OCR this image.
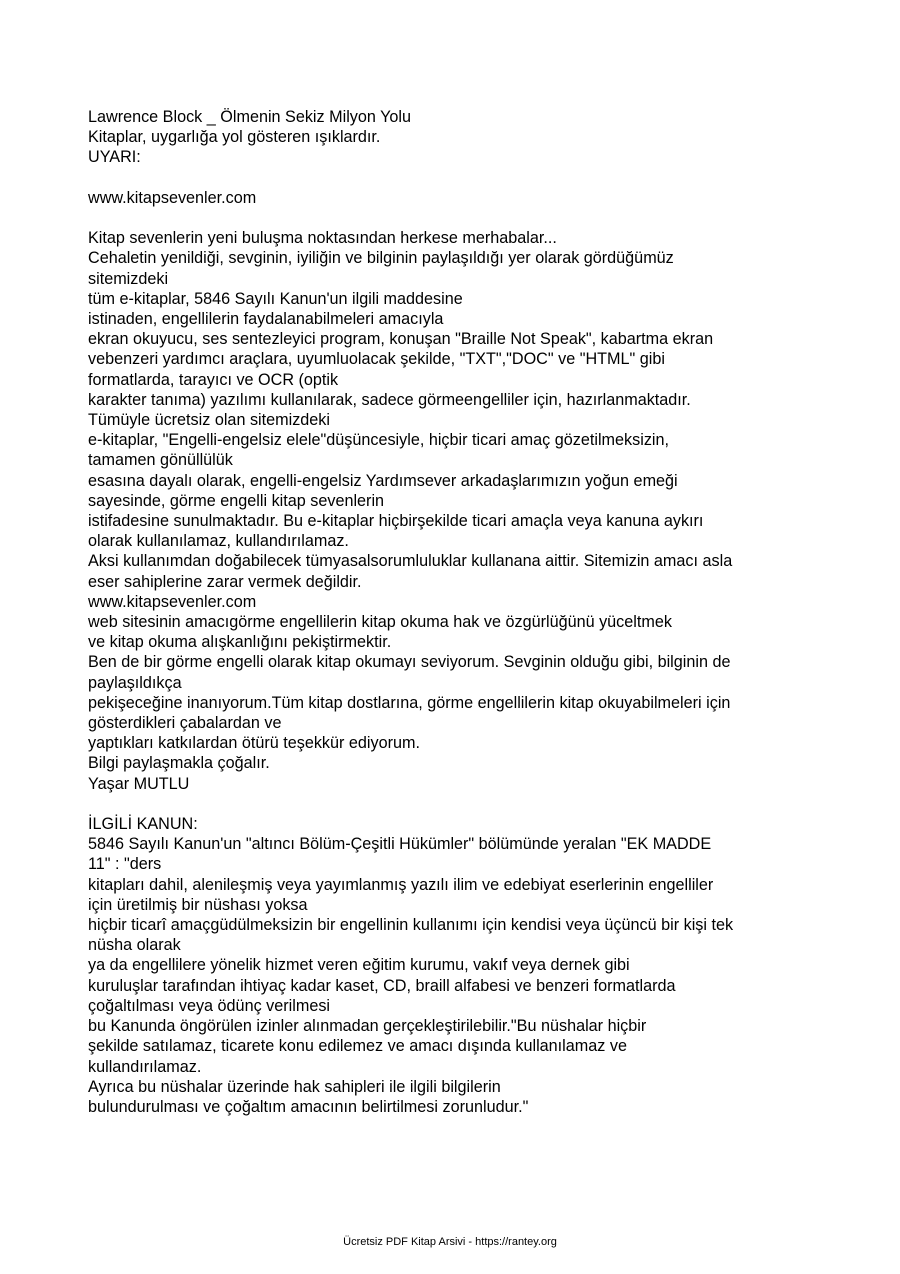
Lawrence Block _ Ölmenin Sekiz Milyon Yolu
Kitaplar, uygarlığa yol gösteren ışıklardır.
UYARI:
www.kitapsevenler.com
Kitap sevenlerin yeni buluşma noktasından herkese merhabalar...
Cehaletin yenildiği, sevginin, iyiliğin ve bilginin paylaşıldığı yer olarak gördüğümüz
sitemizdeki
tüm e-kitaplar, 5846 Sayılı Kanun'un ilgili maddesine
istinaden, engellilerin faydalanabilmeleri amacıyla
ekran okuyucu, ses sentezleyici program, konuşan "Braille Not Speak", kabartma ekran
vebenzeri yardımcı araçlara, uyumluolacak şekilde, "TXT","DOC" ve "HTML" gibi
formatlarda, tarayıcı ve OCR (optik
karakter tanıma) yazılımı kullanılarak, sadece görmeengelliler için, hazırlanmaktadır.
Tümüyle ücretsiz olan sitemizdeki
e-kitaplar, "Engelli-engelsiz elele"düşüncesiyle, hiçbir ticari amaç gözetilmeksizin,
tamamen gönüllülük
esasına dayalı olarak, engelli-engelsiz Yardımsever arkadaşlarımızın yoğun emeği
sayesinde, görme engelli kitap sevenlerin
istifadesine sunulmaktadır. Bu e-kitaplar hiçbirşekilde ticari amaçla veya kanuna aykırı
olarak kullanılamaz, kullandırılamaz.
Aksi kullanımdan doğabilecek tümyasalsorumluluklar kullanana aittir. Sitemizin amacı asla
eser sahiplerine zarar vermek değildir.
www.kitapsevenler.com
web sitesinin amacıgörme engellilerin kitap okuma hak ve özgürlüğünü yüceltmek
ve kitap okuma alışkanlığını pekiştirmektir.
Ben de bir görme engelli olarak kitap okumayı seviyorum. Sevginin olduğu gibi, bilginin de
paylaşıldıkça
pekişeceğine inanıyorum.Tüm kitap dostlarına, görme engellilerin kitap okuyabilmeleri için
gösterdikleri çabalardan ve
yaptıkları katkılardan ötürü teşekkür ediyorum.
Bilgi paylaşmakla çoğalır.
Yaşar MUTLU
İLGİLİ KANUN:
5846 Sayılı Kanun'un "altıncı Bölüm-Çeşitli Hükümler" bölümünde yeralan "EK MADDE
11" : "ders
kitapları dahil, alenileşmiş veya yayımlanmış yazılı ilim ve edebiyat eserlerinin engelliler
için üretilmiş bir nüshası yoksa
hiçbir ticarî amaçgüdülmeksizin bir engellinin kullanımı için kendisi veya üçüncü bir kişi tek
nüsha olarak
ya da engellilere yönelik hizmet veren eğitim kurumu, vakıf veya dernek gibi
kuruluşlar tarafından ihtiyaç kadar kaset, CD, braill alfabesi ve benzeri formatlarda
çoğaltılması veya ödünç verilmesi
bu Kanunda öngörülen izinler alınmadan gerçekleştirilebilir."Bu nüshalar hiçbir
şekilde satılamaz, ticarete konu edilemez ve amacı dışında kullanılamaz ve
kullandırılamaz.
Ayrıca bu nüshalar üzerinde hak sahipleri ile ilgili bilgilerin
bulundurulması ve çoğaltım amacının belirtilmesi zorunludur."
Ücretsiz PDF Kitap Arsivi - https://rantey.org
